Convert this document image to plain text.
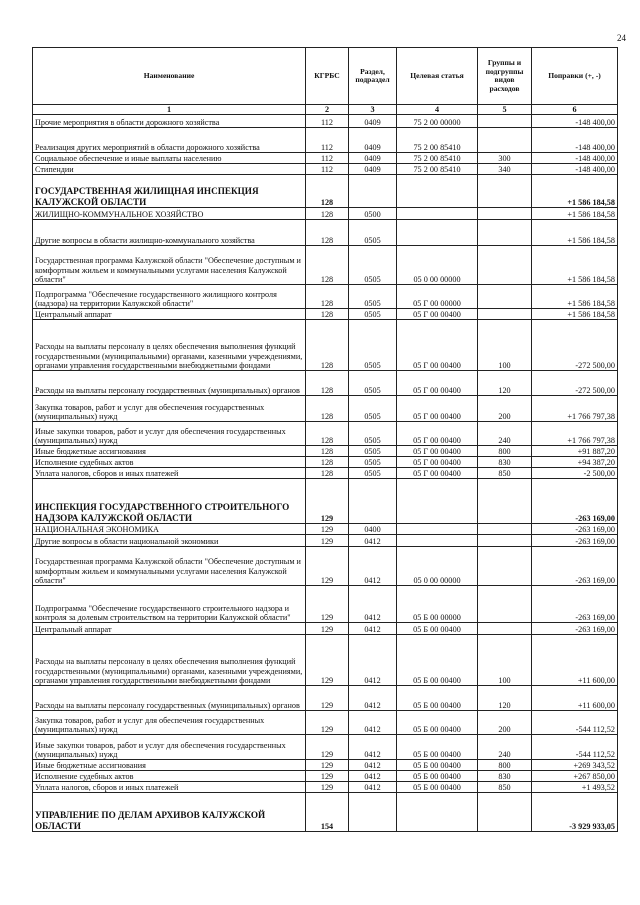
24
Наименование	КГРБС	Раздел, подраздел	Целевая статья	Группы и подгруппы видов расходов	Поправки (+, -)
1	2	3	4	5	6
Прочие мероприятия в области дорожного хозяйства	112	0409	75 2 00 00000		-148 400,00
Реализация других мероприятий в области дорожного хозяйства	112	0409	75 2 00 85410		-148 400,00
Социальное обеспечение и иные выплаты населению	112	0409	75 2 00 85410	300	-148 400,00
Стипендии	112	0409	75 2 00 85410	340	-148 400,00
ГОСУДАРСТВЕННАЯ ЖИЛИЩНАЯ ИНСПЕКЦИЯ КАЛУЖСКОЙ ОБЛАСТИ	128				+1 586 184,58
ЖИЛИЩНО-КОММУНАЛЬНОЕ ХОЗЯЙСТВО	128	0500			+1 586 184,58
Другие вопросы в области жилищно-коммунального хозяйства	128	0505			+1 586 184,58
Государственная программа Калужской области "Обеспечение доступным и комфортным жильем и коммунальными услугами населения Калужской области"	128	0505	05 0 00 00000		+1 586 184,58
Подпрограмма "Обеспечение государственного жилищного контроля (надзора) на территории Калужской области"	128	0505	05 Г 00 00000		+1 586 184,58
Центральный аппарат	128	0505	05 Г 00 00400		+1 586 184,58
Расходы на выплаты персоналу в целях обеспечения выполнения функций государственными (муниципальными) органами, казенными учреждениями, органами управления государственными внебюджетными фондами	128	0505	05 Г 00 00400	100	-272 500,00
Расходы на выплаты персоналу государственных (муниципальных) органов	128	0505	05 Г 00 00400	120	-272 500,00
Закупка товаров, работ и услуг для обеспечения государственных (муниципальных) нужд	128	0505	05 Г 00 00400	200	+1 766 797,38
Иные закупки товаров, работ и услуг для обеспечения государственных (муниципальных) нужд	128	0505	05 Г 00 00400	240	+1 766 797,38
Иные бюджетные ассигнования	128	0505	05 Г 00 00400	800	+91 887,20
Исполнение судебных актов	128	0505	05 Г 00 00400	830	+94 387,20
Уплата налогов, сборов и иных платежей	128	0505	05 Г 00 00400	850	-2 500,00
ИНСПЕКЦИЯ ГОСУДАРСТВЕННОГО СТРОИТЕЛЬНОГО НАДЗОРА КАЛУЖСКОЙ ОБЛАСТИ	129				-263 169,00
НАЦИОНАЛЬНАЯ ЭКОНОМИКА	129	0400			-263 169,00
Другие вопросы в области национальной экономики	129	0412			-263 169,00
Государственная программа Калужской области "Обеспечение доступным и комфортным жильем и коммунальными услугами населения Калужской области"	129	0412	05 0 00 00000		-263 169,00
Подпрограмма "Обеспечение государственного строительного надзора и контроля за долевым строительством на территории Калужской области"	129	0412	05 Б 00 00000		-263 169,00
Центральный аппарат	129	0412	05 Б 00 00400		-263 169,00
Расходы на выплаты персоналу в целях обеспечения выполнения функций государственными (муниципальными) органами, казенными учреждениями, органами управления государственными внебюджетными фондами	129	0412	05 Б 00 00400	100	+11 600,00
Расходы на выплаты персоналу государственных (муниципальных) органов	129	0412	05 Б 00 00400	120	+11 600,00
Закупка товаров, работ и услуг для обеспечения государственных (муниципальных) нужд	129	0412	05 Б 00 00400	200	-544 112,52
Иные закупки товаров, работ и услуг для обеспечения государственных (муниципальных) нужд	129	0412	05 Б 00 00400	240	-544 112,52
Иные бюджетные ассигнования	129	0412	05 Б 00 00400	800	+269 343,52
Исполнение судебных актов	129	0412	05 Б 00 00400	830	+267 850,00
Уплата налогов, сборов и иных платежей	129	0412	05 Б 00 00400	850	+1 493,52
УПРАВЛЕНИЕ ПО ДЕЛАМ АРХИВОВ КАЛУЖСКОЙ ОБЛАСТИ	154				-3 929 933,05
